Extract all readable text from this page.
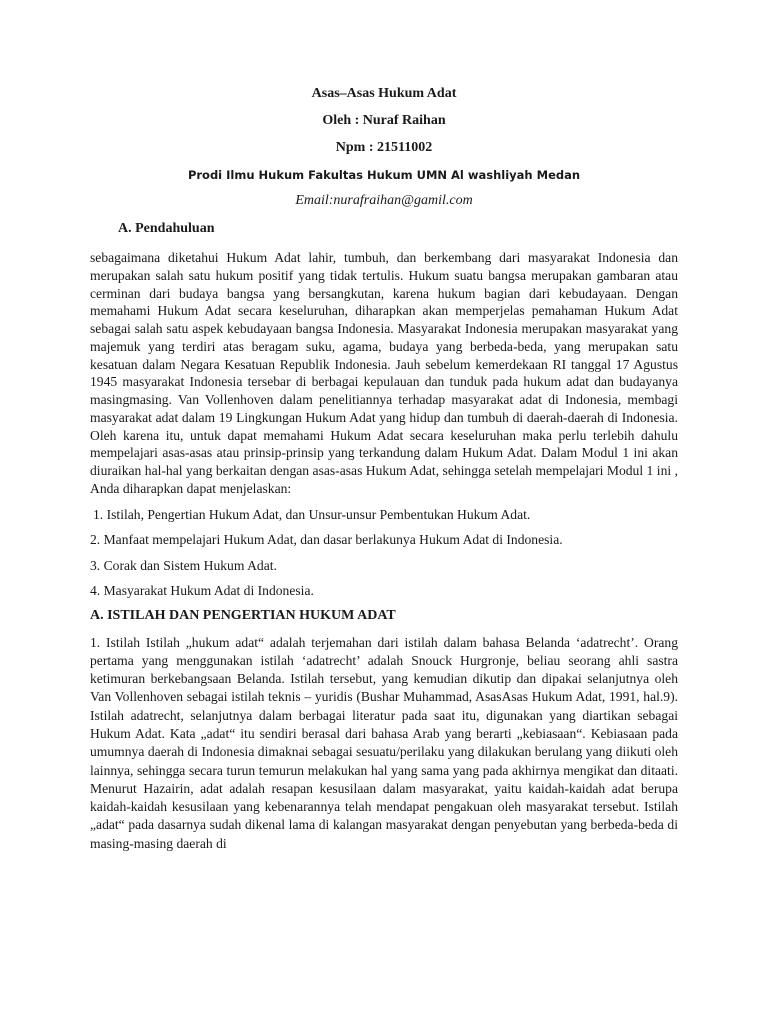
Asas–Asas Hukum Adat
Oleh : Nuraf Raihan
Npm : 21511002
Prodi Ilmu Hukum Fakultas Hukum UMN Al washliyah Medan
Email:nurafraihan@gamil.com
A. Pendahuluan

sebagaimana diketahui Hukum Adat lahir, tumbuh, dan berkembang dari masyarakat Indonesia dan merupakan salah satu hukum positif yang tidak tertulis. Hukum suatu bangsa merupakan gambaran atau cerminan dari budaya bangsa yang bersangkutan, karena hukum bagian dari kebudayaan. Dengan memahami Hukum Adat secara keseluruhan, diharapkan akan memperjelas pemahaman Hukum Adat sebagai salah satu aspek kebudayaan bangsa Indonesia. Masyarakat Indonesia merupakan masyarakat yang majemuk yang terdiri atas beragam suku, agama, budaya yang berbeda-beda, yang merupakan satu kesatuan dalam Negara Kesatuan Republik Indonesia. Jauh sebelum kemerdekaan RI tanggal 17 Agustus 1945 masyarakat Indonesia tersebar di berbagai kepulauan dan tunduk pada hukum adat dan budayanya masingmasing. Van Vollenhoven dalam penelitiannya terhadap masyarakat adat di Indonesia, membagi masyarakat adat dalam 19 Lingkungan Hukum Adat yang hidup dan tumbuh di daerah-daerah di Indonesia. Oleh karena itu, untuk dapat memahami Hukum Adat secara keseluruhan maka perlu terlebih dahulu mempelajari asas-asas atau prinsip-prinsip yang terkandung dalam Hukum Adat. Dalam Modul 1 ini akan diuraikan hal-hal yang berkaitan dengan asas-asas Hukum Adat, sehingga setelah mempelajari Modul 1 ini , Anda diharapkan dapat menjelaskan:

1. Istilah, Pengertian Hukum Adat, dan Unsur-unsur Pembentukan Hukum Adat.
2. Manfaat mempelajari Hukum Adat, dan dasar berlakunya Hukum Adat di Indonesia.
3. Corak dan Sistem Hukum Adat.
4. Masyarakat Hukum Adat di Indonesia.
A. ISTILAH DAN PENGERTIAN HUKUM ADAT

1. Istilah Istilah „hukum adat“ adalah terjemahan dari istilah dalam bahasa Belanda ‘adatrecht’. Orang pertama yang menggunakan istilah ‘adatrecht’ adalah Snouck Hurgronje, beliau seorang ahli sastra ketimuran berkebangsaan Belanda. Istilah tersebut, yang kemudian dikutip dan dipakai selanjutnya oleh Van Vollenhoven sebagai istilah teknis – yuridis (Bushar Muhammad, AsasAsas Hukum Adat, 1991, hal.9). Istilah adatrecht, selanjutnya dalam berbagai literatur pada saat itu, digunakan yang diartikan sebagai Hukum Adat. Kata „adat“ itu sendiri berasal dari bahasa Arab yang berarti „kebiasaan“. Kebiasaan pada umumnya daerah di Indonesia dimaknai sebagai sesuatu/perilaku yang dilakukan berulang yang diikuti oleh lainnya, sehingga secara turun temurun melakukan hal yang sama yang pada akhirnya mengikat dan ditaati. Menurut Hazairin, adat adalah resapan kesusilaan dalam masyarakat, yaitu kaidah-kaidah adat berupa kaidah-kaidah kesusilaan yang kebenarannya telah mendapat pengakuan oleh masyarakat tersebut. Istilah „adat“ pada dasarnya sudah dikenal lama di kalangan masyarakat dengan penyebutan yang berbeda-beda di masing-masing daerah di
